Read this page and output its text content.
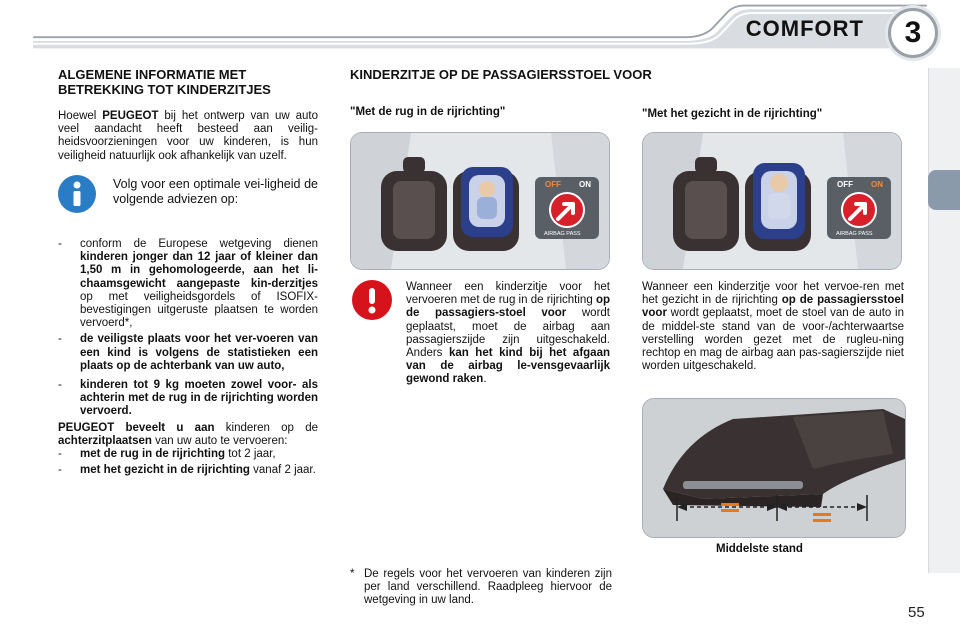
COMFORT	3
ALGEMENE INFORMATIE MET BETREKKING TOT KINDERZITJES
Hoewel PEUGEOT bij het ontwerp van uw auto veel aandacht heeft besteed aan veilig-heidsvoorzieningen voor uw kinderen, is hun veiligheid natuurlijk ook afhankelijk van uzelf.
Volg voor een optimale vei-ligheid de volgende adviezen op:
- conform de Europese wetgeving dienen kinderen jonger dan 12 jaar of kleiner dan 1,50 m in gehomologeerde, aan het li-chaamsgewicht aangepaste kin-derzitjes op met veiligheidsgordels of ISOFIX-bevestigingen uitgeruste plaatsen te worden vervoerd*,
- de veiligste plaats voor het ver-voeren van een kind is volgens de statistieken een plaats op de achterbank van uw auto,
- kinderen tot 9 kg moeten zowel voor- als achterin met de rug in de rijrichting worden vervoerd.
PEUGEOT beveelt u aan kinderen op de achterzitplaatsen van uw auto te vervoeren:
- met de rug in de rijrichting tot 2 jaar,
- met het gezicht in de rijrichting vanaf 2 jaar.
KINDERZITJE OP DE PASSAGIERSSTOEL VOOR
"Met de rug in de rijrichting"	"Met het gezicht in de rijrichting"
OFF ON
AIRBAG PASS
OFF ON
AIRBAG PASS
Wanneer een kinderzitje voor het vervoeren met de rug in de rijrichting op de passagiers-stoel voor wordt geplaatst, moet de airbag aan passagierszijde zijn uitgeschakeld. Anders kan het kind bij het afgaan van de airbag le-vensgevaarlijk gewond raken.
Wanneer een kinderzitje voor het vervoe-ren met het gezicht in de rijrichting op de passagiersstoel voor wordt geplaatst, moet de stoel van de auto in de middel-ste stand van de voor-/achterwaartse verstelling worden gezet met de rugleu-ning rechtop en mag de airbag aan pas-sagierszijde niet worden uitgeschakeld.
Middelste stand
* De regels voor het vervoeren van kinderen zijn per land verschillend. Raadpleeg hiervoor de wetgeving in uw land.
55
